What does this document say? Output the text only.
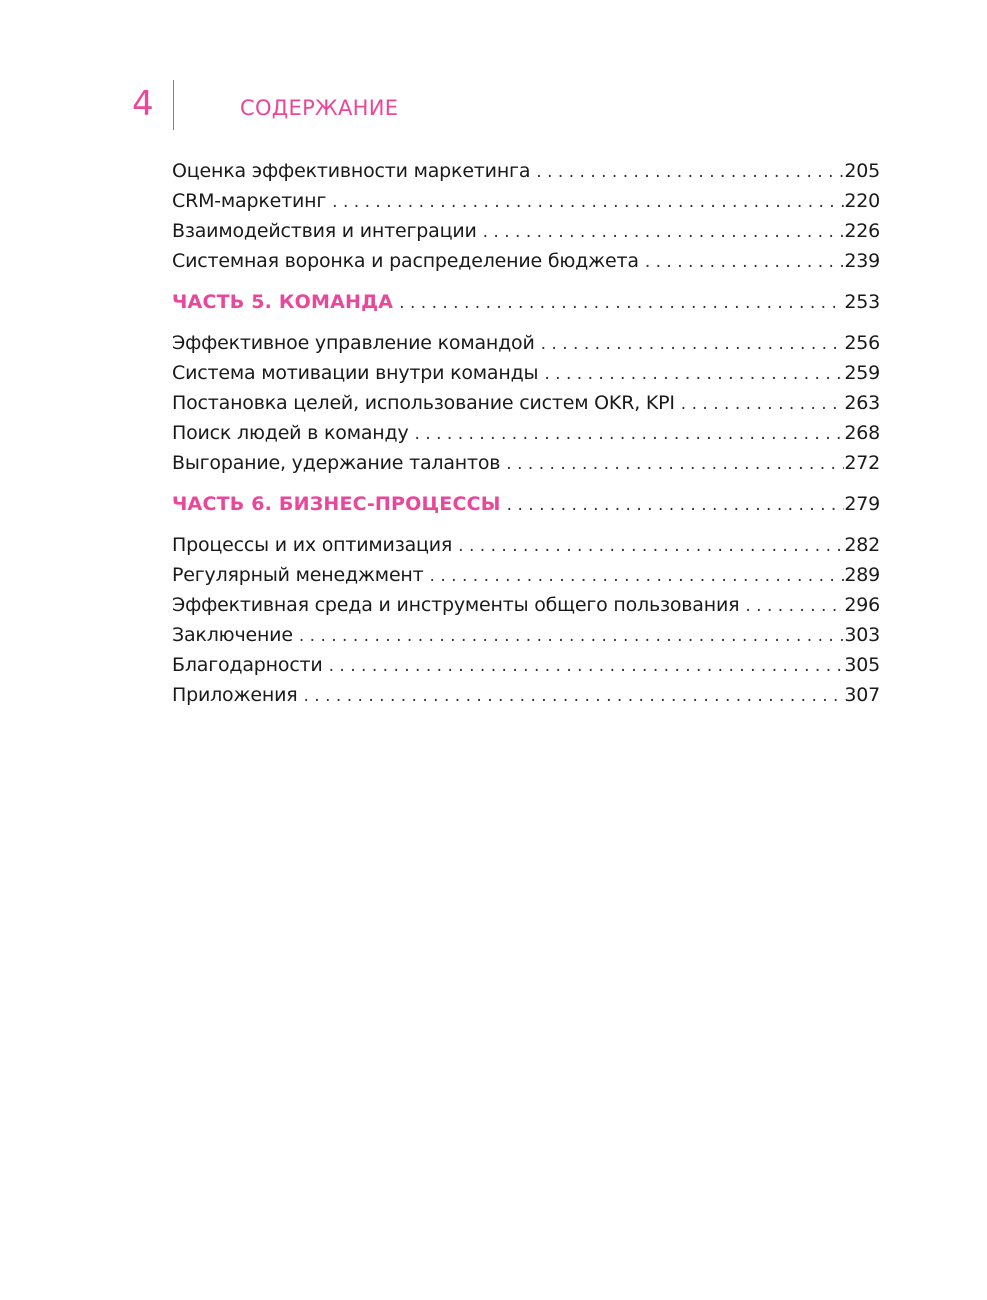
4	СОДЕРЖАНИЕ
Оценка эффективности маркетинга . . .	205
CRM-маркетинг . . .	220
Взаимодействия и интеграции . . .	226
Системная воронка и распределение бюджета . . .	239
ЧАСТЬ 5. КОМАНДА . . .	253
Эффективное управление командой . . .	256
Система мотивации внутри команды . . .	259
Постановка целей, использование систем OKR, KPI . . .	263
Поиск людей в команду . . .	268
Выгорание, удержание талантов . . .	272
ЧАСТЬ 6. БИЗНЕС-ПРОЦЕССЫ . . .	279
Процессы и их оптимизация . . .	282
Регулярный менеджмент . . .	289
Эффективная среда и инструменты общего пользования . . .	296
Заключение . . .	303
Благодарности . . .	305
Приложения . . .	307
